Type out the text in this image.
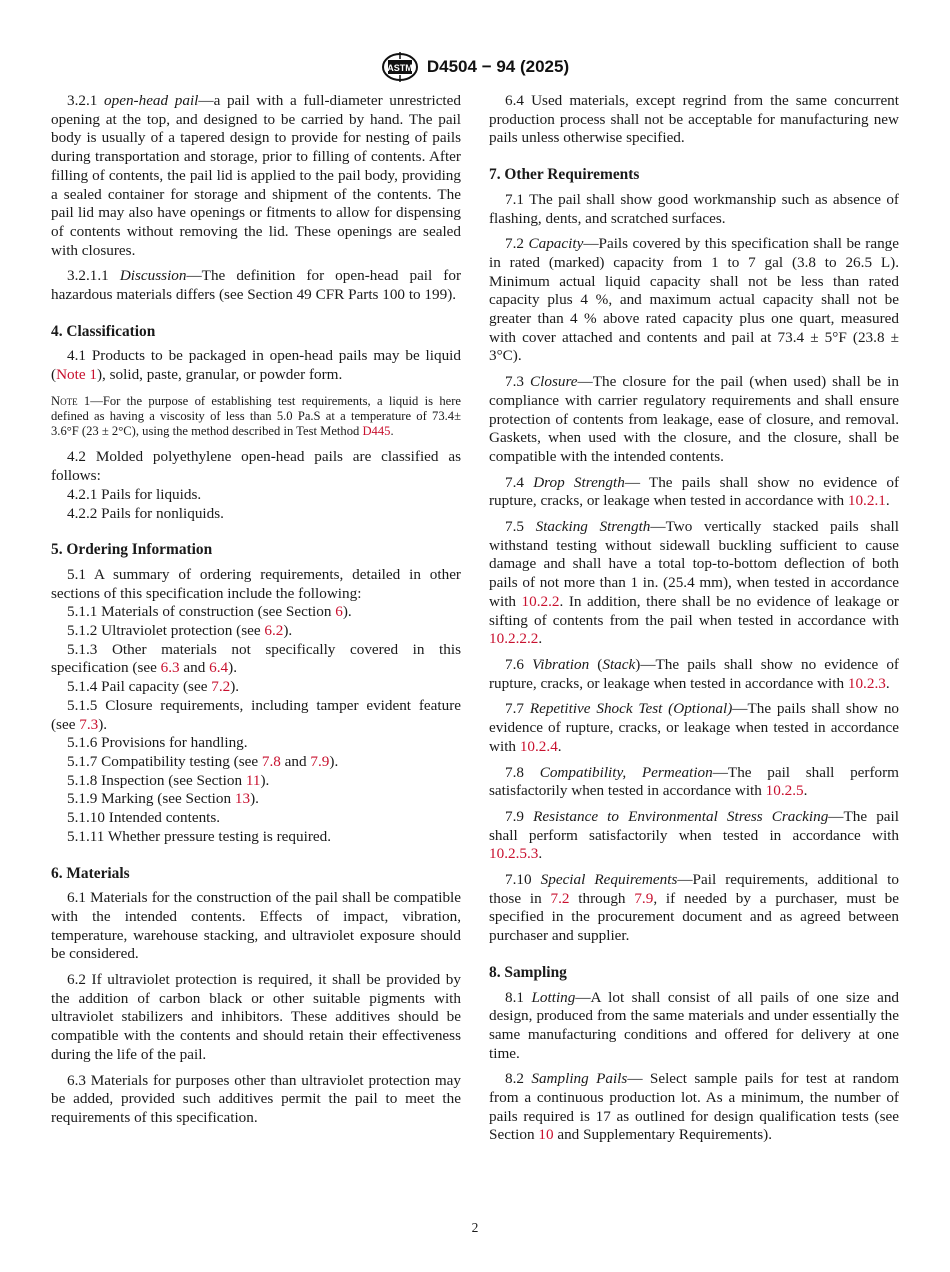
ASTM D4504 − 94 (2025)

3.2.1 open-head pail—a pail with a full-diameter unrestricted opening at the top, and designed to be carried by hand. The pail body is usually of a tapered design to provide for nesting of pails during transportation and storage, prior to filling of contents. After filling of contents, the pail lid is applied to the pail body, providing a sealed container for storage and shipment of the contents. The pail lid may also have openings or fitments to allow for dispensing of contents without removing the lid. These openings are sealed with closures.

3.2.1.1 Discussion—The definition for open-head pail for hazardous materials differs (see Section 49 CFR Parts 100 to 199).

4. Classification

4.1 Products to be packaged in open-head pails may be liquid (Note 1), solid, paste, granular, or powder form.

Note 1—For the purpose of establishing test requirements, a liquid is here defined as having a viscosity of less than 5.0 Pa.S at a temperature of 73.4± 3.6°F (23 ± 2°C), using the method described in Test Method D445.

4.2 Molded polyethylene open-head pails are classified as follows:

4.2.1 Pails for liquids.

4.2.2 Pails for nonliquids.

5. Ordering Information

5.1 A summary of ordering requirements, detailed in other sections of this specification include the following:

5.1.1 Materials of construction (see Section 6).

5.1.2 Ultraviolet protection (see 6.2).

5.1.3 Other materials not specifically covered in this specification (see 6.3 and 6.4).

5.1.4 Pail capacity (see 7.2).

5.1.5 Closure requirements, including tamper evident feature (see 7.3).

5.1.6 Provisions for handling.

5.1.7 Compatibility testing (see 7.8 and 7.9).

5.1.8 Inspection (see Section 11).

5.1.9 Marking (see Section 13).

5.1.10 Intended contents.

5.1.11 Whether pressure testing is required.

6. Materials

6.1 Materials for the construction of the pail shall be compatible with the intended contents. Effects of impact, vibration, temperature, warehouse stacking, and ultraviolet exposure should be considered.

6.2 If ultraviolet protection is required, it shall be provided by the addition of carbon black or other suitable pigments with ultraviolet stabilizers and inhibitors. These additives should be compatible with the contents and should retain their effectiveness during the life of the pail.

6.3 Materials for purposes other than ultraviolet protection may be added, provided such additives permit the pail to meet the requirements of this specification.

6.4 Used materials, except regrind from the same concurrent production process shall not be acceptable for manufacturing new pails unless otherwise specified.

7. Other Requirements

7.1 The pail shall show good workmanship such as absence of flashing, dents, and scratched surfaces.

7.2 Capacity—Pails covered by this specification shall be range in rated (marked) capacity from 1 to 7 gal (3.8 to 26.5 L). Minimum actual liquid capacity shall not be less than rated capacity plus 4 %, and maximum actual capacity shall not be greater than 4 % above rated capacity plus one quart, measured with cover attached and contents and pail at 73.4 ± 5°F (23.8 ± 3°C).

7.3 Closure—The closure for the pail (when used) shall be in compliance with carrier regulatory requirements and shall ensure protection of contents from leakage, ease of closure, and removal. Gaskets, when used with the closure, and the closure, shall be compatible with the intended contents.

7.4 Drop Strength— The pails shall show no evidence of rupture, cracks, or leakage when tested in accordance with 10.2.1.

7.5 Stacking Strength—Two vertically stacked pails shall withstand testing without sidewall buckling sufficient to cause damage and shall have a total top-to-bottom deflection of both pails of not more than 1 in. (25.4 mm), when tested in accordance with 10.2.2. In addition, there shall be no evidence of leakage or sifting of contents from the pail when tested in accordance with 10.2.2.2.

7.6 Vibration (Stack)—The pails shall show no evidence of rupture, cracks, or leakage when tested in accordance with 10.2.3.

7.7 Repetitive Shock Test (Optional)—The pails shall show no evidence of rupture, cracks, or leakage when tested in accordance with 10.2.4.

7.8 Compatibility, Permeation—The pail shall perform satisfactorily when tested in accordance with 10.2.5.

7.9 Resistance to Environmental Stress Cracking—The pail shall perform satisfactorily when tested in accordance with 10.2.5.3.

7.10 Special Requirements—Pail requirements, additional to those in 7.2 through 7.9, if needed by a purchaser, must be specified in the procurement document and as agreed between purchaser and supplier.

8. Sampling

8.1 Lotting—A lot shall consist of all pails of one size and design, produced from the same materials and under essentially the same manufacturing conditions and offered for delivery at one time.

8.2 Sampling Pails— Select sample pails for test at random from a continuous production lot. As a minimum, the number of pails required is 17 as outlined for design qualification tests (see Section 10 and Supplementary Requirements).

2
